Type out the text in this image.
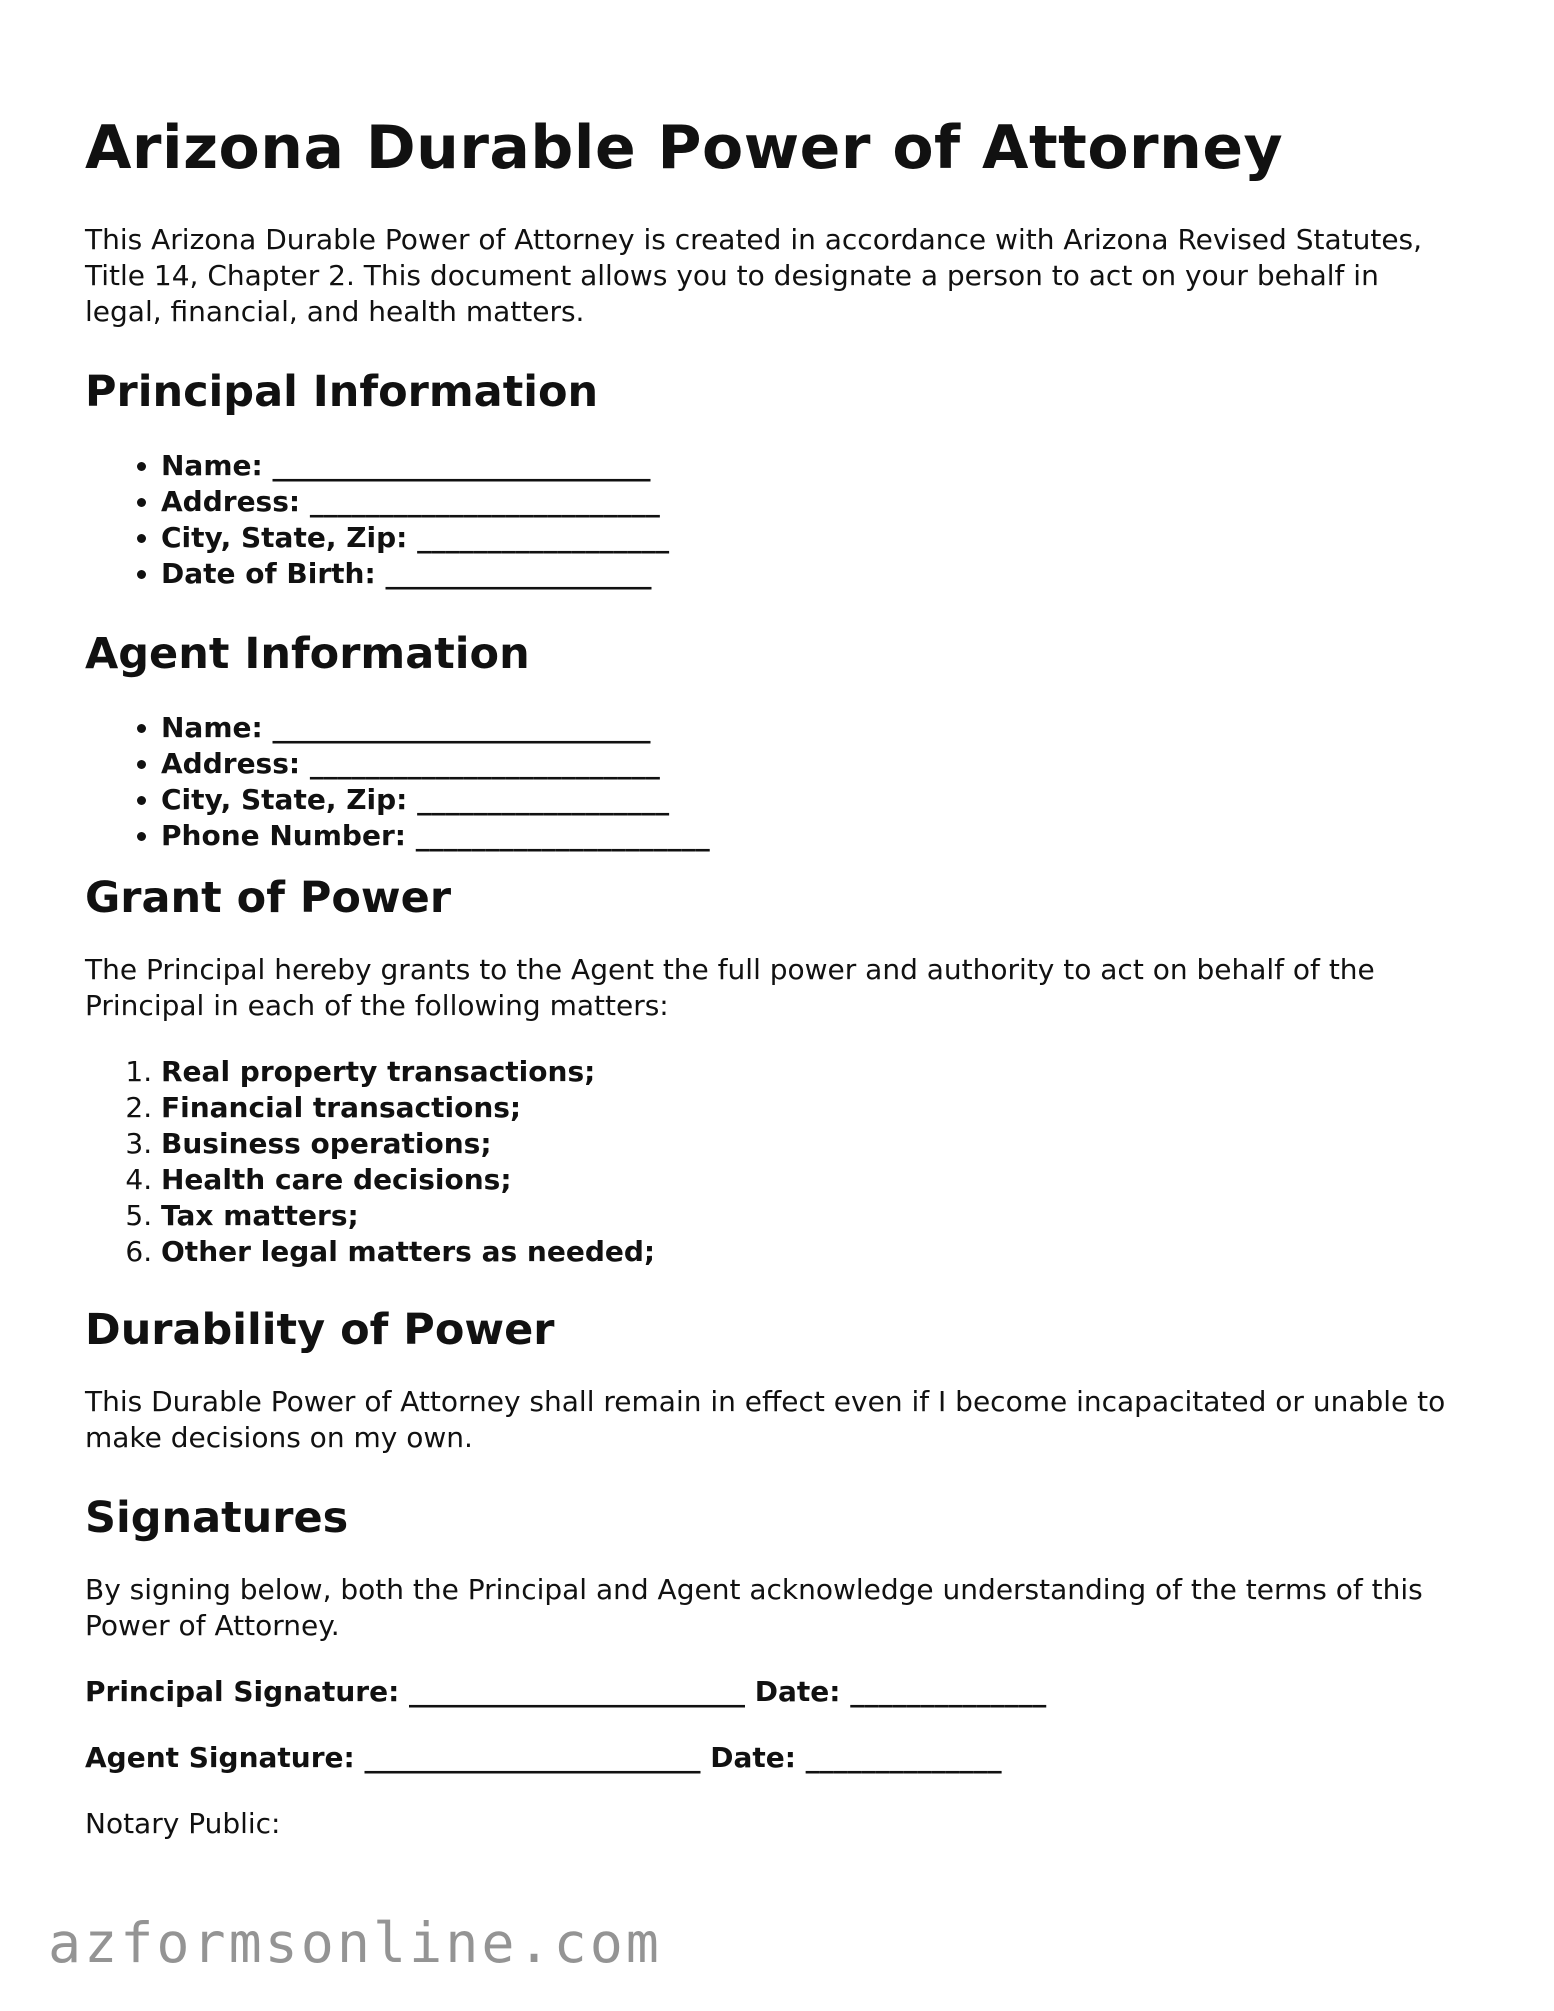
Arizona Durable Power of Attorney

This Arizona Durable Power of Attorney is created in accordance with Arizona Revised Statutes, Title 14, Chapter 2. This document allows you to designate a person to act on your behalf in legal, financial, and health matters.

Principal Information
• Name: ___________________________
• Address: _________________________
• City, State, Zip: __________________
• Date of Birth: ___________________
Agent Information
• Name: ___________________________
• Address: _________________________
• City, State, Zip: __________________
• Phone Number: _____________________
Grant of Power

The Principal hereby grants to the Agent the full power and authority to act on behalf of the Principal in each of the following matters:

1. Real property transactions;
2. Financial transactions;
3. Business operations;
4. Health care decisions;
5. Tax matters;
6. Other legal matters as needed;
Durability of Power

This Durable Power of Attorney shall remain in effect even if I become incapacitated or unable to make decisions on my own.

Signatures

By signing below, both the Principal and Agent acknowledge understanding of the terms of this Power of Attorney.

Principal Signature: ________________________ Date: ______________
Agent Signature: ________________________ Date: ______________
Notary Public:
azformsonline.com
